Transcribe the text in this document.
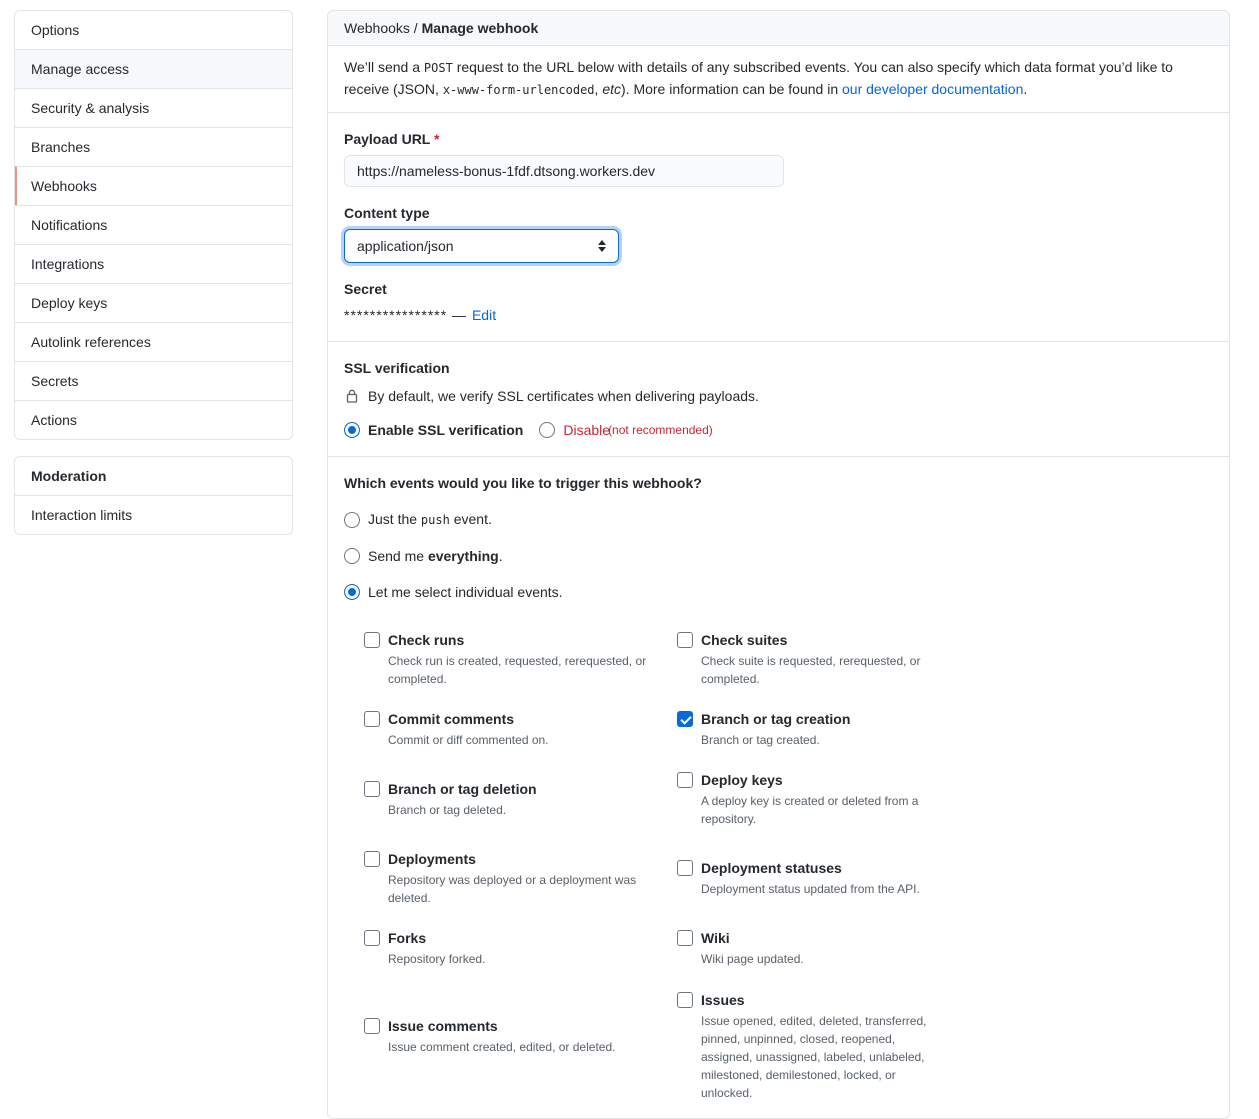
Options
Manage access
Security & analysis
Branches
Webhooks
Notifications
Integrations
Deploy keys
Autolink references
Secrets
Actions
Moderation
Interaction limits
Webhooks / Manage webhook
We’ll send a POST request to the URL below with details of any subscribed events. You can also specify which data format you’d like to receive (JSON, x-www-form-urlencoded, etc). More information can be found in our developer documentation.
Payload URL *
https://nameless-bonus-1fdf.dtsong.workers.dev
Content type
application/json
Secret
**************** — Edit
SSL verification
By default, we verify SSL certificates when delivering payloads.
Enable SSL verification	Disable
(not recommended)
Which events would you like to trigger this webhook?
Just the push event.
Send me everything.
Let me select individual events.
Check runs
Check run is created, requested, rerequested, or completed.
Commit comments
Commit or diff commented on.
Branch or tag deletion
Branch or tag deleted.
Deployments
Repository was deployed or a deployment was deleted.
Forks
Repository forked.
Issue comments
Issue comment created, edited, or deleted.
Check suites
Check suite is requested, rerequested, or completed.
Branch or tag creation
Branch or tag created.
Deploy keys
A deploy key is created or deleted from a repository.
Deployment statuses
Deployment status updated from the API.
Wiki
Wiki page updated.
Issues
Issue opened, edited, deleted, transferred, pinned, unpinned, closed, reopened, assigned, unassigned, labeled, unlabeled, milestoned, demilestoned, locked, or unlocked.
